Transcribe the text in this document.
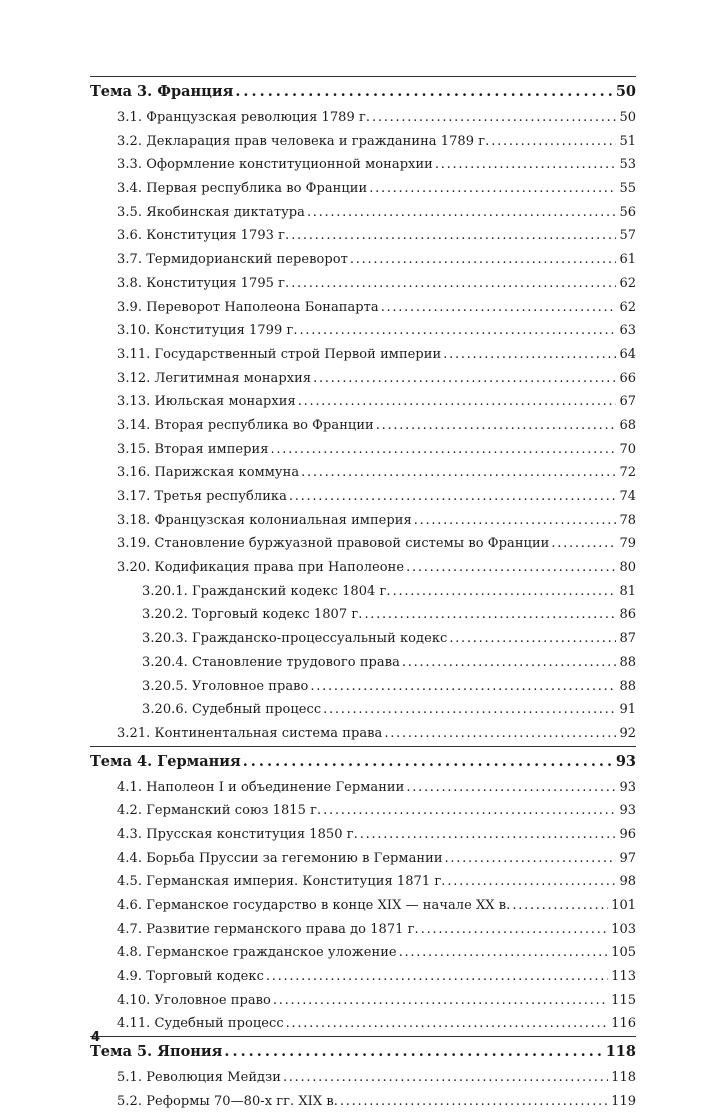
Тема 3. Франция . . .	50
3.1. Французская революция 1789 г. . . .	50
3.2. Декларация прав человека и гражданина 1789 г. . . .	51
3.3. Оформление конституционной монархии . . .	53
3.4. Первая республика во Франции . . .	55
3.5. Якобинская диктатура . . .	56
3.6. Конституция 1793 г. . . .	57
3.7. Термидорианский переворот . . .	61
3.8. Конституция 1795 г. . . .	62
3.9. Переворот Наполеона Бонапарта . . .	62
3.10. Конституция 1799 г. . . .	63
3.11. Государственный строй Первой империи . . .	64
3.12. Легитимная монархия . . .	66
3.13. Июльская монархия . . .	67
3.14. Вторая республика во Франции . . .	68
3.15. Вторая империя . . .	70
3.16. Парижская коммуна . . .	72
3.17. Третья республика . . .	74
3.18. Французская колониальная империя . . .	78
3.19. Становление буржуазной правовой системы во Франции . . .	79
3.20. Кодификация права при Наполеоне . . .	80
3.20.1. Гражданский кодекс 1804 г. . . .	81
3.20.2. Торговый кодекс 1807 г. . . .	86
3.20.3. Гражданско-процессуальный кодекс . . .	87
3.20.4. Становление трудового права . . .	88
3.20.5. Уголовное право . . .	88
3.20.6. Судебный процесс . . .	91
3.21. Континентальная система права . . .	92
Тема 4. Германия . . .	93
4.1. Наполеон I и объединение Германии . . .	93
4.2. Германский союз 1815 г. . . .	93
4.3. Прусская конституция 1850 г. . . .	96
4.4. Борьба Пруссии за гегемонию в Германии . . .	97
4.5. Германская империя. Конституция 1871 г. . . .	98
4.6. Германское государство в конце XIX — начале XX в. . . .	101
4.7. Развитие германского права до 1871 г. . . .	103
4.8. Германское гражданское уложение . . .	105
4.9. Торговый кодекс . . .	113
4.10. Уголовное право . . .	115
4.11. Судебный процесс . . .	116
Тема 5. Япония . . .	118
5.1. Революция Мейдзи . . .	118
5.2. Реформы 70—80-х гг. XIX в. . . .	119
4
